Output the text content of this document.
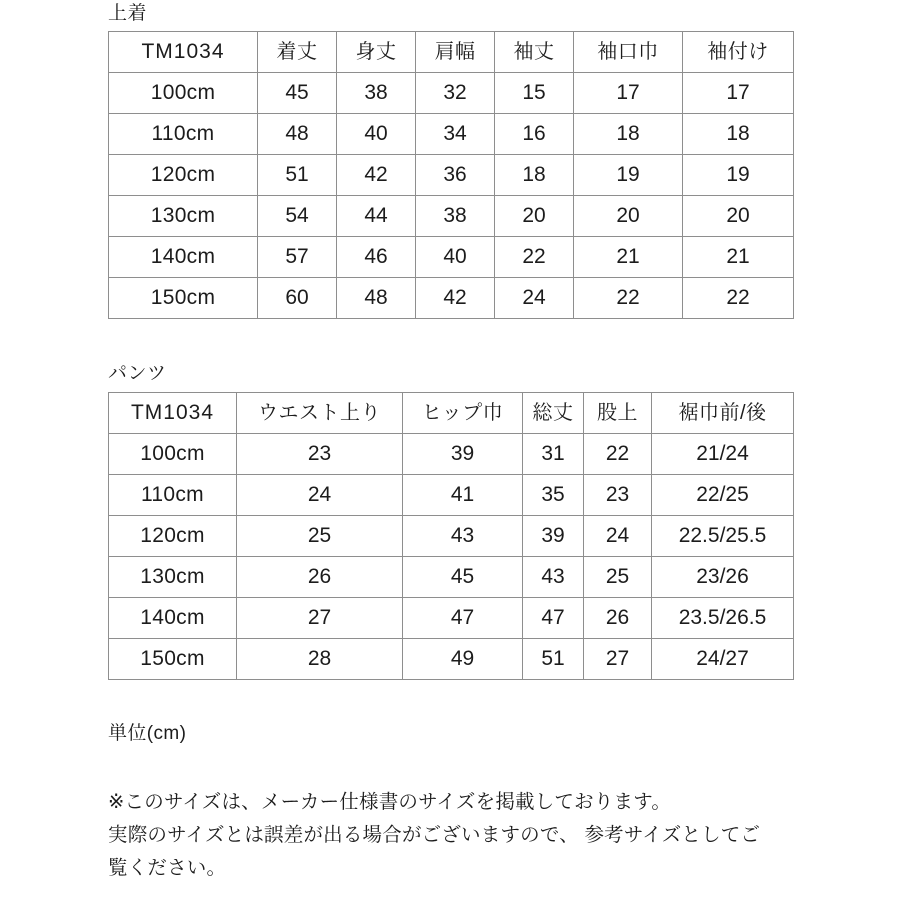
上着
TM1034	着丈	身丈	肩幅	袖丈	袖口巾	袖付け
100cm	45	38	32	15	17	17
110cm	48	40	34	16	18	18
120cm	51	42	36	18	19	19
130cm	54	44	38	20	20	20
140cm	57	46	40	22	21	21
150cm	60	48	42	24	22	22
パンツ
TM1034	ウエスト上り	ヒップ巾	総丈	股上	裾巾前/後
100cm	23	39	31	22	21/24
110cm	24	41	35	23	22/25
120cm	25	43	39	24	22.5/25.5
130cm	26	45	43	25	23/26
140cm	27	47	47	26	23.5/26.5
150cm	28	49	51	27	24/27
単位(cm)
※このサイズは、メーカー仕様書のサイズを掲載しております。
実際のサイズとは誤差が出る場合がございますので、 参考サイズとしてご
覧ください。
